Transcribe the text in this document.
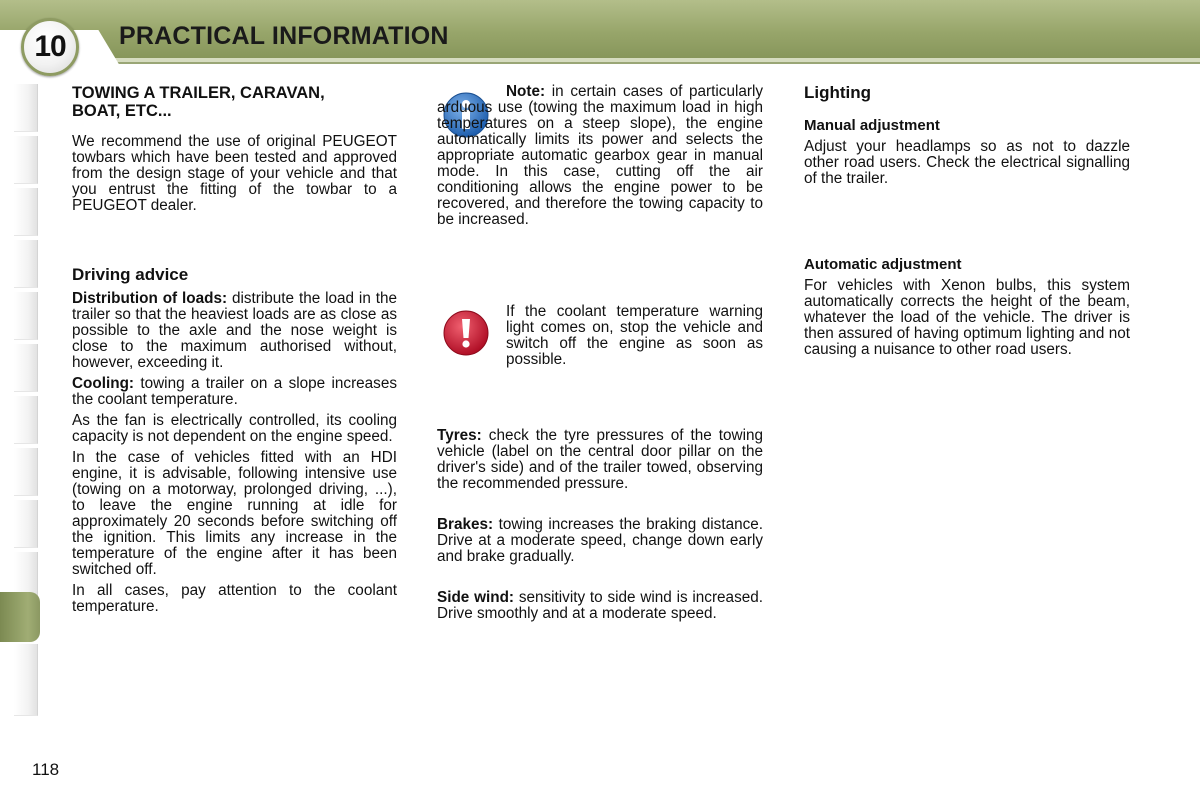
10 PRACTICAL INFORMATION
TOWING A TRAILER, CARAVAN, BOAT, ETC...

We recommend the use of original PEUGEOT towbars which have been tested and approved from the design stage of your vehicle and that you entrust the fitting of the towbar to a PEUGEOT dealer.

Driving advice

Distribution of loads: distribute the load in the trailer so that the heaviest loads are as close as possible to the axle and the nose weight is close to the maximum authorised without, however, exceeding it.

Cooling: towing a trailer on a slope increases the coolant temperature.

As the fan is electrically controlled, its cooling capacity is not dependent on the engine speed.

In the case of vehicles fitted with an HDI engine, it is advisable, following intensive use (towing on a motorway, prolonged driving, ...), to leave the engine running at idle for approximately 20 seconds before switching off the ignition. This limits any increase in the temperature of the engine after it has been switched off.

In all cases, pay attention to the coolant temperature.

Note: in certain cases of particularly arduous use (towing the maximum load in high temperatures on a steep slope), the engine automatically limits its power and selects the appropriate automatic gearbox gear in manual mode. In this case, cutting off the air conditioning allows the engine power to be recovered, and therefore the towing capacity to be increased.

If the coolant temperature warning light comes on, stop the vehicle and switch off the engine as soon as possible.

Tyres: check the tyre pressures of the towing vehicle (label on the central door pillar on the driver's side) and of the trailer towed, observing the recommended pressure.

Brakes: towing increases the braking distance. Drive at a moderate speed, change down early and brake gradually.

Side wind: sensitivity to side wind is increased. Drive smoothly and at a moderate speed.

Lighting
Manual adjustment

Adjust your headlamps so as not to dazzle other road users. Check the electrical signalling of the trailer.

Automatic adjustment

For vehicles with Xenon bulbs, this system automatically corrects the height of the beam, whatever the load of the vehicle. The driver is then assured of having optimum lighting and not causing a nuisance to other road users.

118
